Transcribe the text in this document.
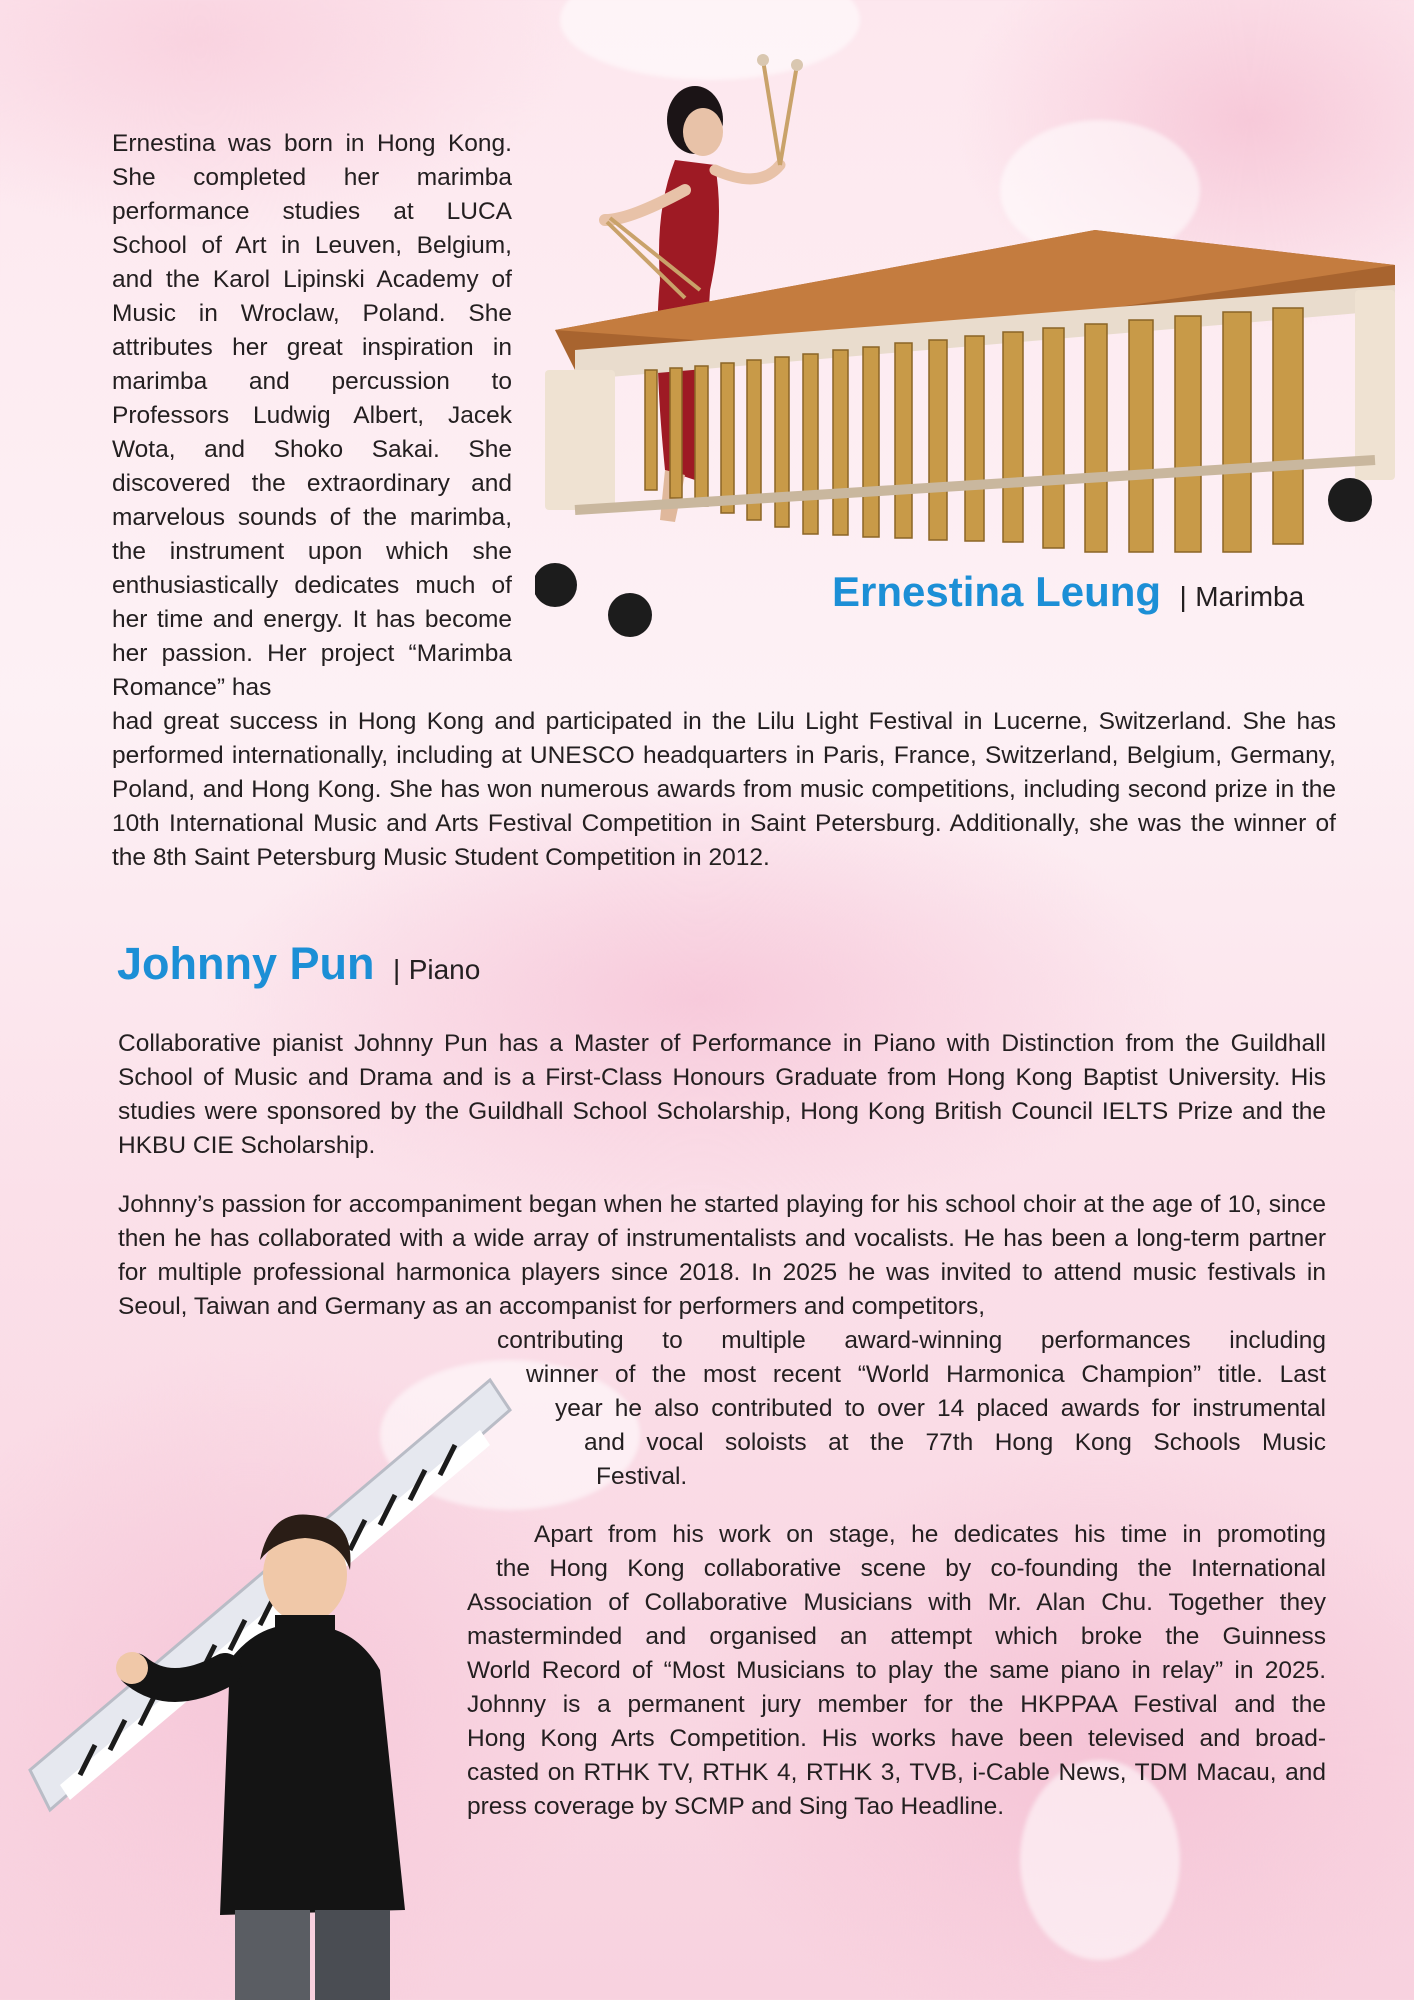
Ernestina was born in Hong Kong. She completed her marimba performance studies at LUCA School of Art in Leuven, Belgium, and the Karol Lipinski Academy of Music in Wroclaw, Poland. She attributes her great inspiration in marimba and percussion to Professors Ludwig Albert, Jacek Wota, and Shoko Sakai. She discovered the extraordinary and marvelous sounds of the marimba, the instrument upon which she enthusiastically dedicates much of her time and energy. It has become her passion. Her project “Marimba Romance” has

Ernestina Leung | Marimba

had great success in Hong Kong and participated in the Lilu Light Festival in Lucerne, Switzerland. She has performed internationally, including at UNESCO headquarters in Paris, France, Switzerland, Belgium, Germany, Poland, and Hong Kong. She has won numerous awards from music competitions, including second prize in the 10th International Music and Arts Festival Competition in Saint Petersburg. Additionally, she was the winner of the 8th Saint Petersburg Music Student Competition in 2012.

Johnny Pun | Piano

Collaborative pianist Johnny Pun has a Master of Performance in Piano with Distinction from the Guildhall School of Music and Drama and is a First-Class Honours Graduate from Hong Kong Baptist University. His studies were sponsored by the Guildhall School Scholarship, Hong Kong British Council IELTS Prize and the HKBU CIE Scholarship.

Johnny’s passion for accompaniment began when he started playing for his school choir at the age of 10, since then he has collaborated with a wide array of instrumentalists and vocalists. He has been a long-term partner for multiple professional harmonica players since 2018. In 2025 he was invited to attend music festivals in Seoul, Taiwan and Germany as an accompanist for performers and competitors,

contributing to multiple award-winning performances including
winner of the most recent “World Harmonica Champion” title. Last
year he also contributed to over 14 placed awards for instrumental
and vocal soloists at the 77th Hong Kong Schools Music
Festival.
Apart from his work on stage, he dedicates his time in promoting
the Hong Kong collaborative scene by co-founding the International
Association of Collaborative Musicians with Mr. Alan Chu. Together they
masterminded and organised an attempt which broke the Guinness
World Record of “Most Musicians to play the same piano in relay” in 2025.
Johnny is a permanent jury member for the HKPPAA Festival and the
Hong Kong Arts Competition. His works have been televised and broad-
casted on RTHK TV, RTHK 4, RTHK 3, TVB, i-Cable News, TDM Macau, and
press coverage by SCMP and Sing Tao Headline.
